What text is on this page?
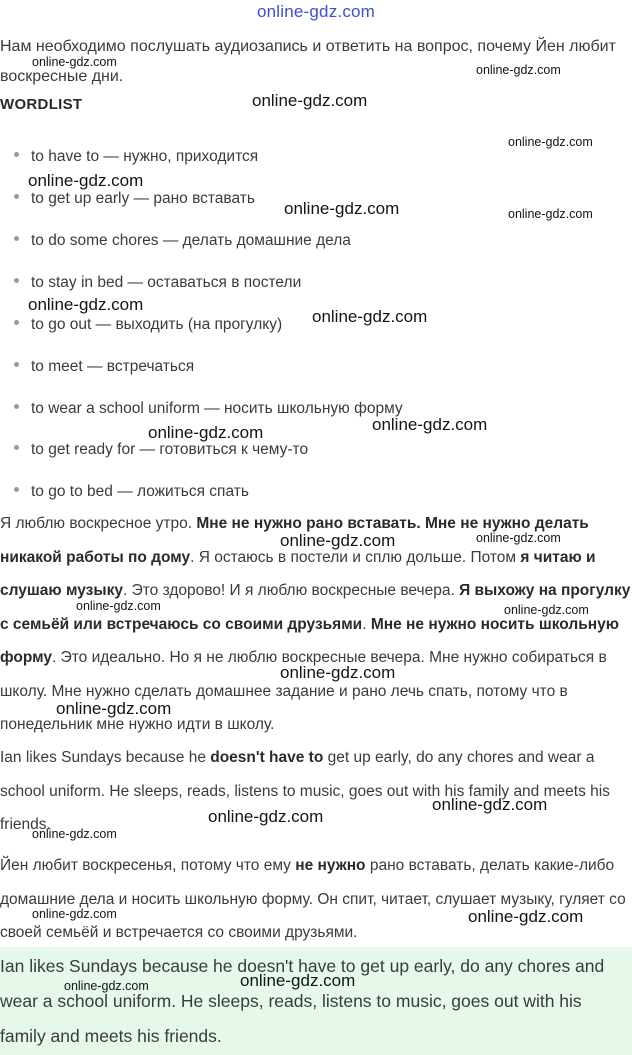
online-gdz.com
Нам необходимо послушать аудиозапись и ответить на вопрос, почему Йен любит воскресные дни.
WORDLIST
to have to — нужно, приходится
to get up early — рано вставать
to do some chores — делать домашние дела
to stay in bed — оставаться в постели
to go out — выходить (на прогулку)
to meet — встречаться
to wear a school uniform — носить школьную форму
to get ready for — готовиться к чему-то
to go to bed — ложиться спать
Я люблю воскресное утро. Мне не нужно рано вставать. Мне не нужно делать никакой работы по дому. Я остаюсь в постели и сплю дольше. Потом я читаю и слушаю музыку. Это здорово! И я люблю воскресные вечера. Я выхожу на прогулку с семьёй или встречаюсь со своими друзьями. Мне не нужно носить школьную форму. Это идеально. Но я не люблю воскресные вечера. Мне нужно собираться в школу. Мне нужно сделать домашнее задание и рано лечь спать, потому что в понедельник мне нужно идти в школу.
Ian likes Sundays because he doesn't have to get up early, do any chores and wear a school uniform. He sleeps, reads, listens to music, goes out with his family and meets his friends.
Йен любит воскресенья, потому что ему не нужно рано вставать, делать какие-либо домашние дела и носить школьную форму. Он спит, читает, слушает музыку, гуляет со своей семьёй и встречается со своими друзьями.
Ian likes Sundays because he doesn't have to get up early, do any chores and wear a school uniform. He sleeps, reads, listens to music, goes out with his family and meets his friends.
online-gdz.com
online-gdz.com
online-gdz.com
online-gdz.com
online-gdz.com
online-gdz.com	online-gdz.com
online-gdz.com
online-gdz.com
online-gdz.com
online-gdz.com
online-gdz.com	online-gdz.com
online-gdz.com	online-gdz.com
online-gdz.com
online-gdz.com
online-gdz.com
online-gdz.com
online-gdz.com
online-gdz.com	online-gdz.com
online-gdz.com
online-gdz.com
